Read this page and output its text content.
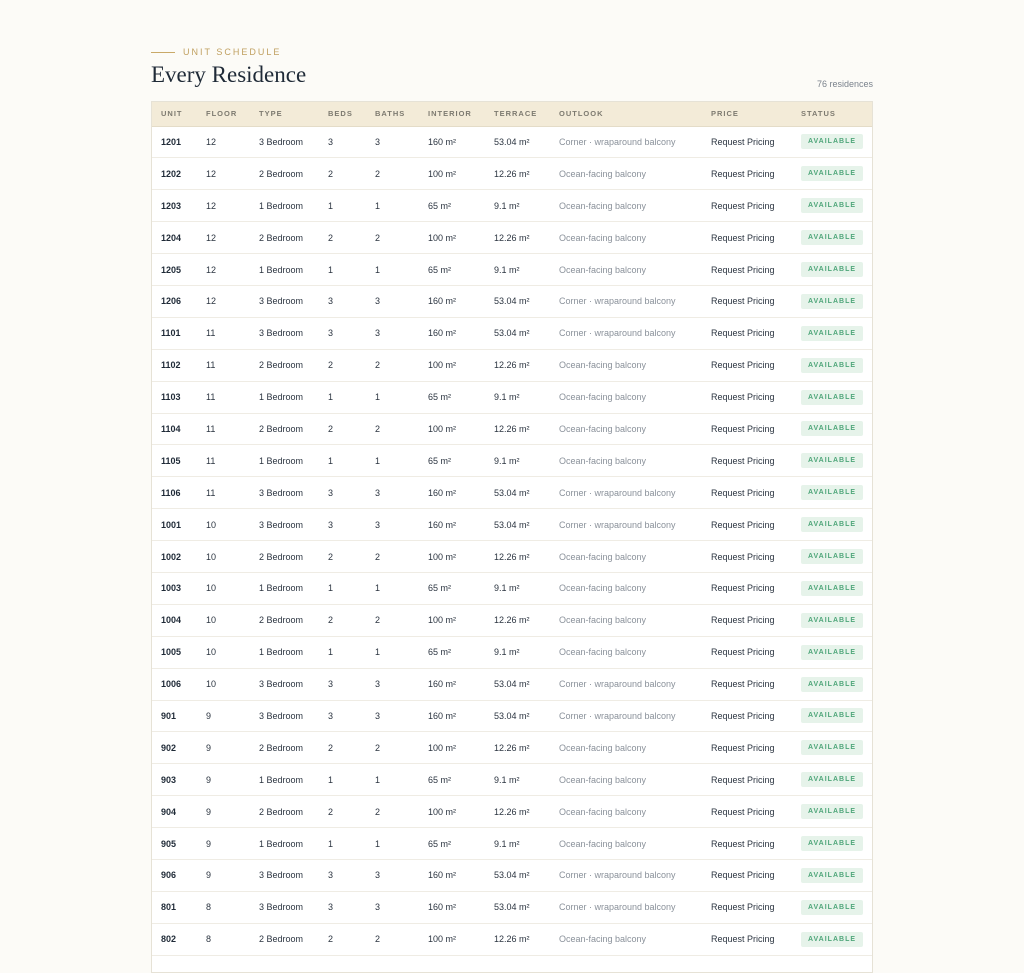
UNIT SCHEDULE
Every Residence	76 residences
UNIT	FLOOR	TYPE	BEDS	BATHS	INTERIOR	TERRACE	OUTLOOK	PRICE	STATUS
1201	12	3 Bedroom	3	3	160 m²	53.04 m²	Corner · wraparound balcony	Request Pricing	AVAILABLE
1202	12	2 Bedroom	2	2	100 m²	12.26 m²	Ocean-facing balcony	Request Pricing	AVAILABLE
1203	12	1 Bedroom	1	1	65 m²	9.1 m²	Ocean-facing balcony	Request Pricing	AVAILABLE
1204	12	2 Bedroom	2	2	100 m²	12.26 m²	Ocean-facing balcony	Request Pricing	AVAILABLE
1205	12	1 Bedroom	1	1	65 m²	9.1 m²	Ocean-facing balcony	Request Pricing	AVAILABLE
1206	12	3 Bedroom	3	3	160 m²	53.04 m²	Corner · wraparound balcony	Request Pricing	AVAILABLE
1101	11	3 Bedroom	3	3	160 m²	53.04 m²	Corner · wraparound balcony	Request Pricing	AVAILABLE
1102	11	2 Bedroom	2	2	100 m²	12.26 m²	Ocean-facing balcony	Request Pricing	AVAILABLE
1103	11	1 Bedroom	1	1	65 m²	9.1 m²	Ocean-facing balcony	Request Pricing	AVAILABLE
1104	11	2 Bedroom	2	2	100 m²	12.26 m²	Ocean-facing balcony	Request Pricing	AVAILABLE
1105	11	1 Bedroom	1	1	65 m²	9.1 m²	Ocean-facing balcony	Request Pricing	AVAILABLE
1106	11	3 Bedroom	3	3	160 m²	53.04 m²	Corner · wraparound balcony	Request Pricing	AVAILABLE
1001	10	3 Bedroom	3	3	160 m²	53.04 m²	Corner · wraparound balcony	Request Pricing	AVAILABLE
1002	10	2 Bedroom	2	2	100 m²	12.26 m²	Ocean-facing balcony	Request Pricing	AVAILABLE
1003	10	1 Bedroom	1	1	65 m²	9.1 m²	Ocean-facing balcony	Request Pricing	AVAILABLE
1004	10	2 Bedroom	2	2	100 m²	12.26 m²	Ocean-facing balcony	Request Pricing	AVAILABLE
1005	10	1 Bedroom	1	1	65 m²	9.1 m²	Ocean-facing balcony	Request Pricing	AVAILABLE
1006	10	3 Bedroom	3	3	160 m²	53.04 m²	Corner · wraparound balcony	Request Pricing	AVAILABLE
901	9	3 Bedroom	3	3	160 m²	53.04 m²	Corner · wraparound balcony	Request Pricing	AVAILABLE
902	9	2 Bedroom	2	2	100 m²	12.26 m²	Ocean-facing balcony	Request Pricing	AVAILABLE
903	9	1 Bedroom	1	1	65 m²	9.1 m²	Ocean-facing balcony	Request Pricing	AVAILABLE
904	9	2 Bedroom	2	2	100 m²	12.26 m²	Ocean-facing balcony	Request Pricing	AVAILABLE
905	9	1 Bedroom	1	1	65 m²	9.1 m²	Ocean-facing balcony	Request Pricing	AVAILABLE
906	9	3 Bedroom	3	3	160 m²	53.04 m²	Corner · wraparound balcony	Request Pricing	AVAILABLE
801	8	3 Bedroom	3	3	160 m²	53.04 m²	Corner · wraparound balcony	Request Pricing	AVAILABLE
802	8	2 Bedroom	2	2	100 m²	12.26 m²	Ocean-facing balcony	Request Pricing	AVAILABLE
